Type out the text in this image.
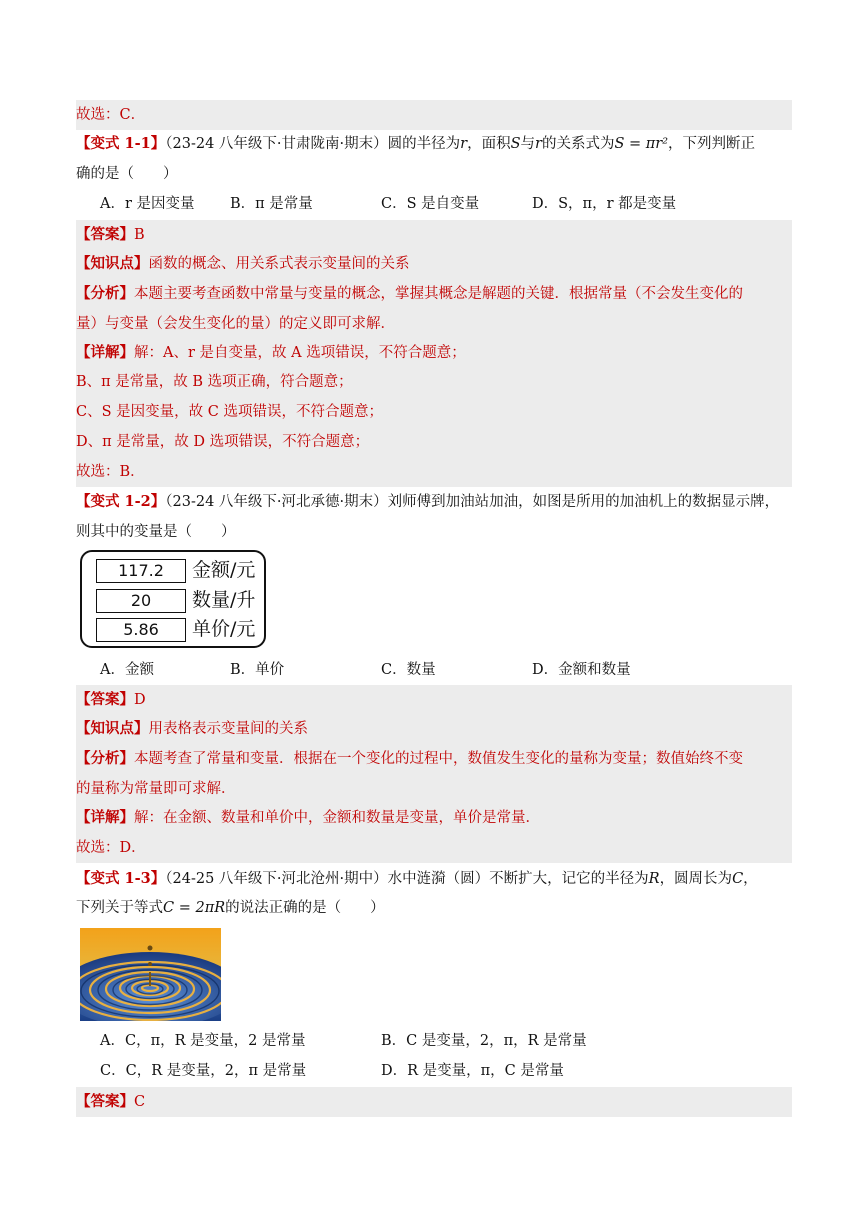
故选：C．
【变式 1-1】（23-24 八年级下·甘肃陇南·期末）圆的半径为r，面积S与r的关系式为S = πr²，下列判断正
确的是（　　）
A．r 是因变量 B．π 是常量	C．S 是自变量	D．S，π，r 都是变量
【答案】B
【知识点】函数的概念、用关系式表示变量间的关系
【分析】本题主要考查函数中常量与变量的概念，掌握其概念是解题的关键．根据常量（不会发生变化的
量）与变量（会发生变化的量）的定义即可求解．
【详解】解：A、r 是自变量，故 A 选项错误，不符合题意；
B、π 是常量，故 B 选项正确，符合题意；
C、S 是因变量，故 C 选项错误，不符合题意；
D、π 是常量，故 D 选项错误，不符合题意；
故选：B．
【变式 1-2】（23-24 八年级下·河北承德·期末）刘师傅到加油站加油，如图是所用的加油机上的数据显示牌，
则其中的变量是（　　）
117.2	金额/元
20	数量/升
5.86	单价/元
A．金额	B．单价	C．数量	D．金额和数量
【答案】D
【知识点】用表格表示变量间的关系
【分析】本题考查了常量和变量．根据在一个变化的过程中，数值发生变化的量称为变量；数值始终不变
的量称为常量即可求解．
【详解】解：在金额、数量和单价中，金额和数量是变量，单价是常量．
故选：D．
【变式 1-3】（24-25 八年级下·河北沧州·期中）水中涟漪（圆）不断扩大，记它的半径为R，圆周长为C，
下列关于等式C = 2πR的说法正确的是（　　）
A．C，π，R 是变量，2 是常量	B．C 是变量，2，π，R 是常量
C．C，R 是变量，2，π 是常量	D．R 是变量，π，C 是常量
【答案】C
